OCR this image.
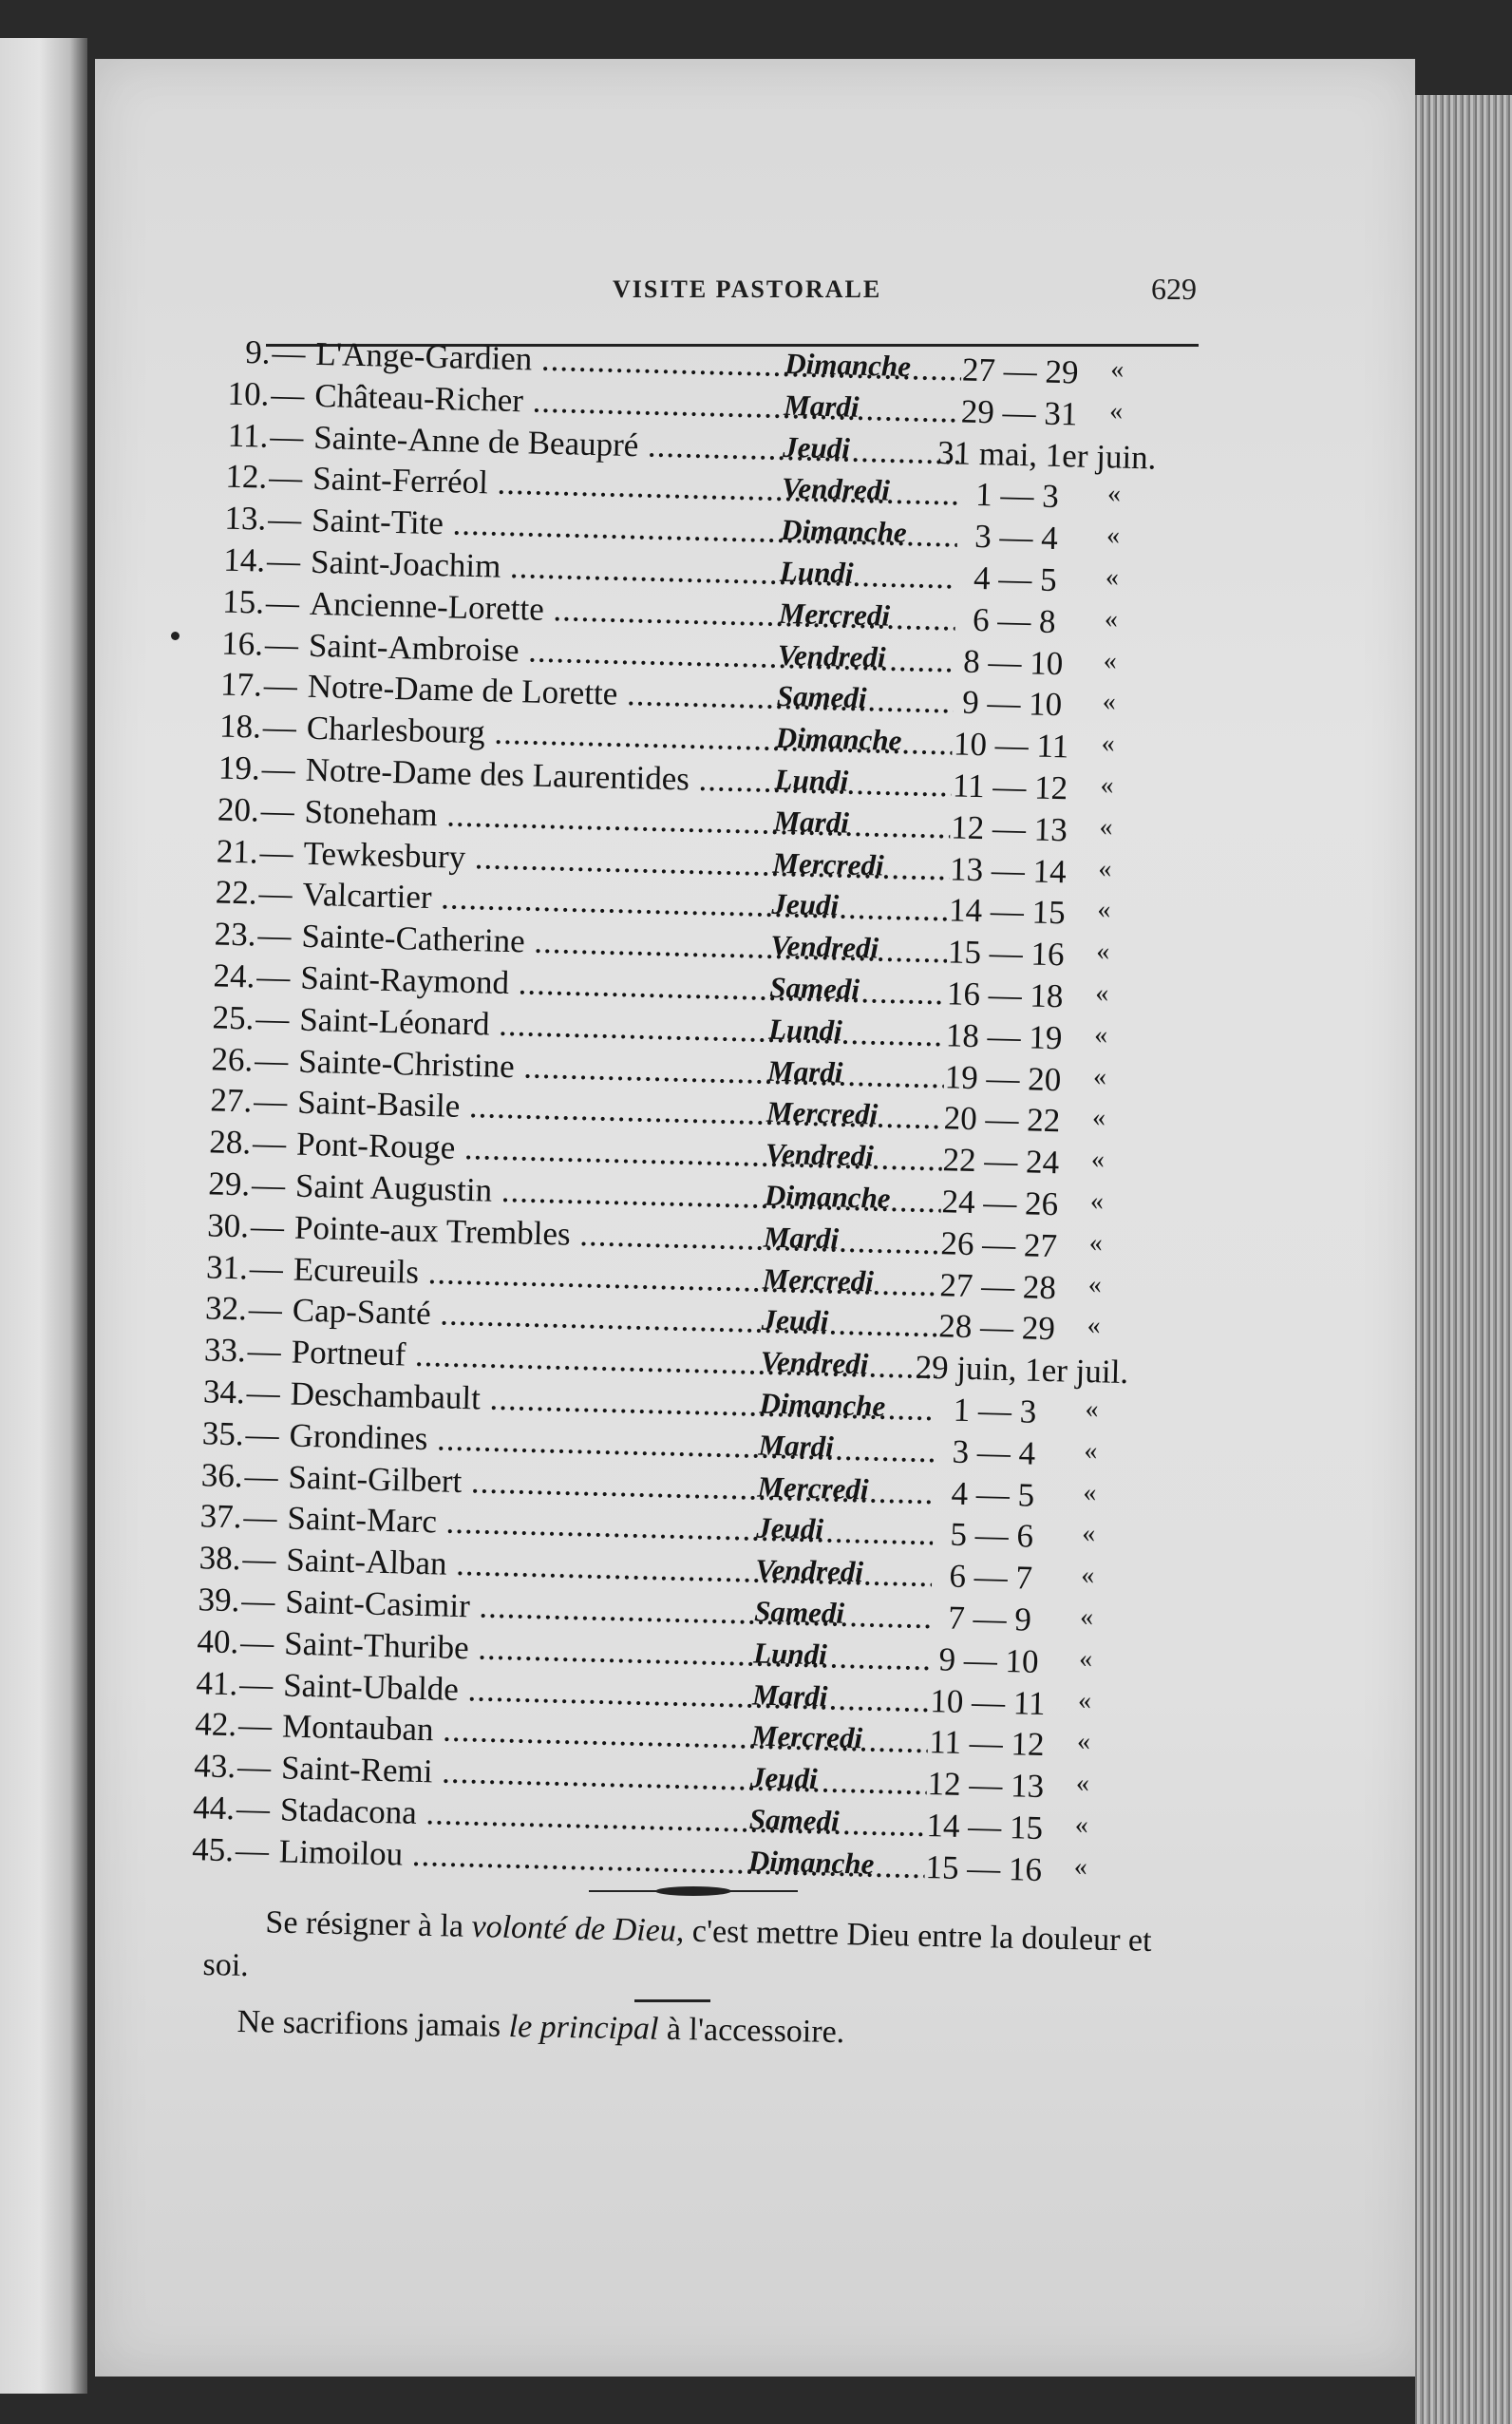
VISITE PASTORALE	629
9. — L'Ange-Gardien .....	Dimanche	27 — 29	«
10. — Château-Richer .....	Mardi	29 — 31	«
11. — Sainte-Anne de Beaupré .....	Jeudi	31 mai, 1er juin.
12. — Saint-Ferréol .....	Vendredi	1 — 3	«
13. — Saint-Tite .....	Dimanche	3 — 4	«
14. — Saint-Joachim .....	Lundi	4 — 5	«
15. — Ancienne-Lorette .....	Mercredi	6 — 8	«
16. — Saint-Ambroise .....	Vendredi	8 — 10	«
17. — Notre-Dame de Lorette .....	Samedi	9 — 10	«
18. — Charlesbourg .....	Dimanche	10 — 11	«
19. — Notre-Dame des Laurentides .....	Lundi	11 — 12	«
20. — Stoneham .....	Mardi	12 — 13	«
21. — Tewkesbury .....	Mercredi	13 — 14	«
22. — Valcartier .....	Jeudi	14 — 15	«
23. — Sainte-Catherine .....	Vendredi	15 — 16	«
24. — Saint-Raymond .....	Samedi	16 — 18	«
25. — Saint-Léonard .....	Lundi	18 — 19	«
26. — Sainte-Christine .....	Mardi	19 — 20	«
27. — Saint-Basile .....	Mercredi	20 — 22	«
28. — Pont-Rouge .....	Vendredi	22 — 24	«
29. — Saint Augustin .....	Dimanche	24 — 26	«
30. — Pointe-aux Trembles .....	Mardi	26 — 27	«
31. — Ecureuils .....	Mercredi	27 — 28	«
32. — Cap-Santé .....	Jeudi	28 — 29	«
33. — Portneuf .....	Vendredi	29 juin, 1er juil.
34. — Deschambault .....	Dimanche	1 — 3	«
35. — Grondines .....	Mardi	3 — 4	«
36. — Saint-Gilbert .....	Mercredi	4 — 5	«
37. — Saint-Marc .....	Jeudi	5 — 6	«
38. — Saint-Alban .....	Vendredi	6 — 7	«
39. — Saint-Casimir .....	Samedi	7 — 9	«
40. — Saint-Thuribe .....	Lundi	9 — 10	«
41. — Saint-Ubalde .....	Mardi	10 — 11	«
42. — Montauban .....	Mercredi	11 — 12	«
43. — Saint-Remi .....	Jeudi	12 — 13	«
44. — Stadacona .....	Samedi	14 — 15	«
45. — Limoilou .....	Dimanche	15 — 16	«
Se résigner à la volonté de Dieu, c'est mettre Dieu entre la douleur et soi.
Ne sacrifions jamais le principal à l'accessoire.
